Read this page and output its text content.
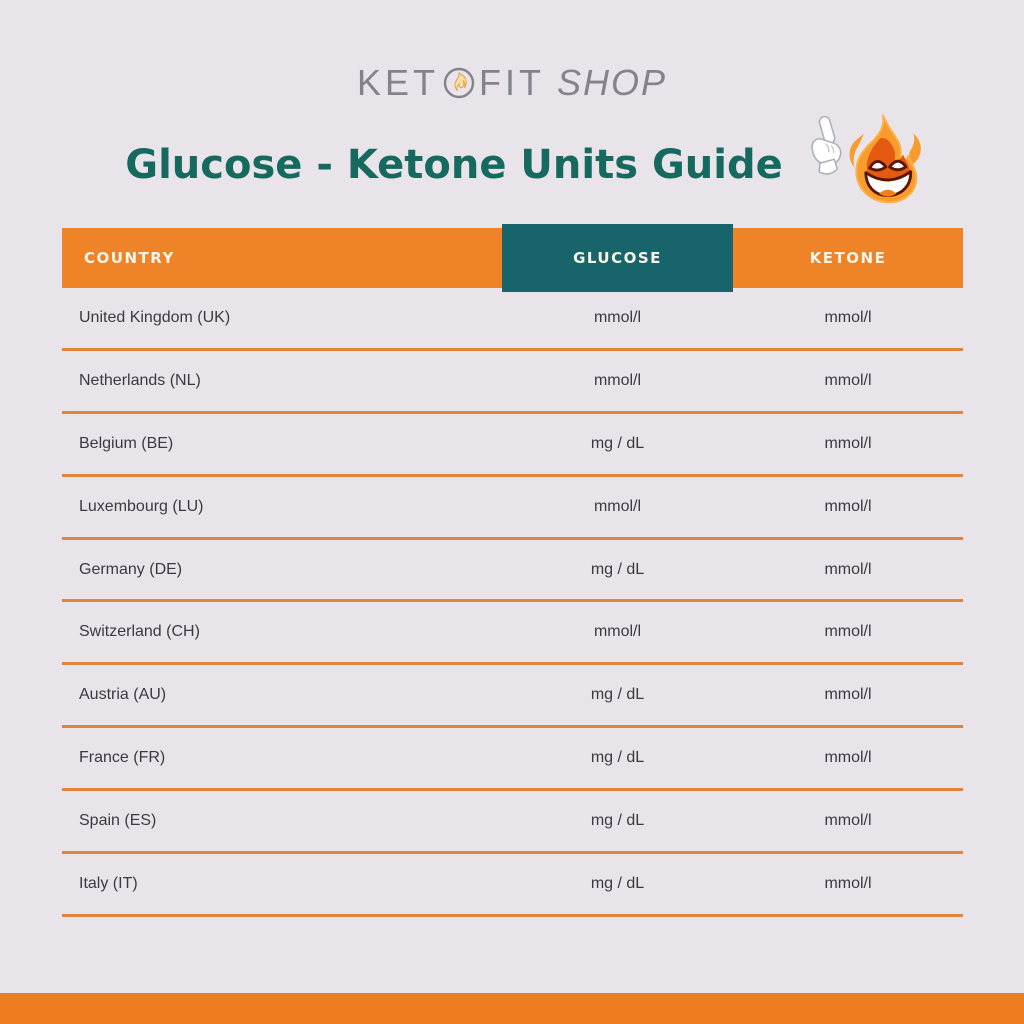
KET FIT SHOP
Glucose - Ketone Units Guide
COUNTRY	GLUCOSE	KETONE
United Kingdom (UK)	mmol/l	mmol/l
Netherlands (NL)	mmol/l	mmol/l
Belgium (BE)	mg / dL	mmol/l
Luxembourg (LU)	mmol/l	mmol/l
Germany (DE)	mg / dL	mmol/l
Switzerland (CH)	mmol/l	mmol/l
Austria (AU)	mg / dL	mmol/l
France (FR)	mg / dL	mmol/l
Spain (ES)	mg / dL	mmol/l
Italy (IT)	mg / dL	mmol/l
